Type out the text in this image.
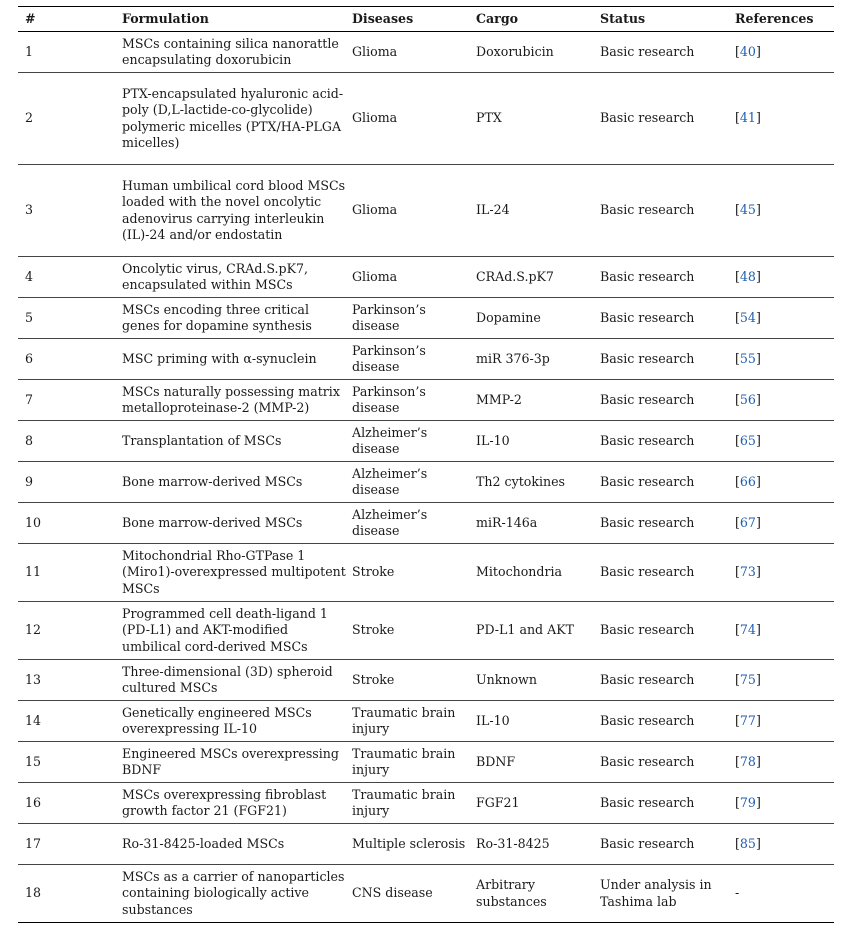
#	Formulation	Diseases	Cargo	Status	References
1	MSCs containing silica nanorattle encapsulating doxorubicin	Glioma	Doxorubicin	Basic research	[40]
2	PTX-encapsulated hyaluronic acid-poly (D,L-lactide-co-glycolide) polymeric micelles (PTX/HA-PLGA micelles)	Glioma	PTX	Basic research	[41]
3	Human umbilical cord blood MSCs loaded with the novel oncolytic adenovirus carrying interleukin (IL)-24 and/or endostatin	Glioma	IL-24	Basic research	[45]
4	Oncolytic virus, CRAd.S.pK7, encapsulated within MSCs	Glioma	CRAd.S.pK7	Basic research	[48]
5	MSCs encoding three critical genes for dopamine synthesis	Parkinson’s disease	Dopamine	Basic research	[54]
6	MSC priming with α-synuclein	Parkinson’s disease	miR 376-3p	Basic research	[55]
7	MSCs naturally possessing matrix metalloproteinase-2 (MMP-2)	Parkinson’s disease	MMP-2	Basic research	[56]
8	Transplantation of MSCs	Alzheimer’s disease	IL-10	Basic research	[65]
9	Bone marrow-derived MSCs	Alzheimer’s disease	Th2 cytokines	Basic research	[66]
10	Bone marrow-derived MSCs	Alzheimer’s disease	miR-146a	Basic research	[67]
11	Mitochondrial Rho-GTPase 1 (Miro1)-overexpressed multipotent MSCs	Stroke	Mitochondria	Basic research	[73]
12	Programmed cell death-ligand 1 (PD-L1) and AKT-modified umbilical cord-derived MSCs	Stroke	PD-L1 and AKT	Basic research	[74]
13	Three-dimensional (3D) spheroid cultured MSCs	Stroke	Unknown	Basic research	[75]
14	Genetically engineered MSCs overexpressing IL-10	Traumatic brain injury	IL-10	Basic research	[77]
15	Engineered MSCs overexpressing BDNF	Traumatic brain injury	BDNF	Basic research	[78]
16	MSCs overexpressing fibroblast growth factor 21 (FGF21)	Traumatic brain injury	FGF21	Basic research	[79]
17	Ro-31-8425-loaded MSCs	Multiple sclerosis	Ro-31-8425	Basic research	[85]
18	MSCs as a carrier of nanoparticles containing biologically active substances	CNS disease	Arbitrary substances	Under analysis in Tashima lab	-
